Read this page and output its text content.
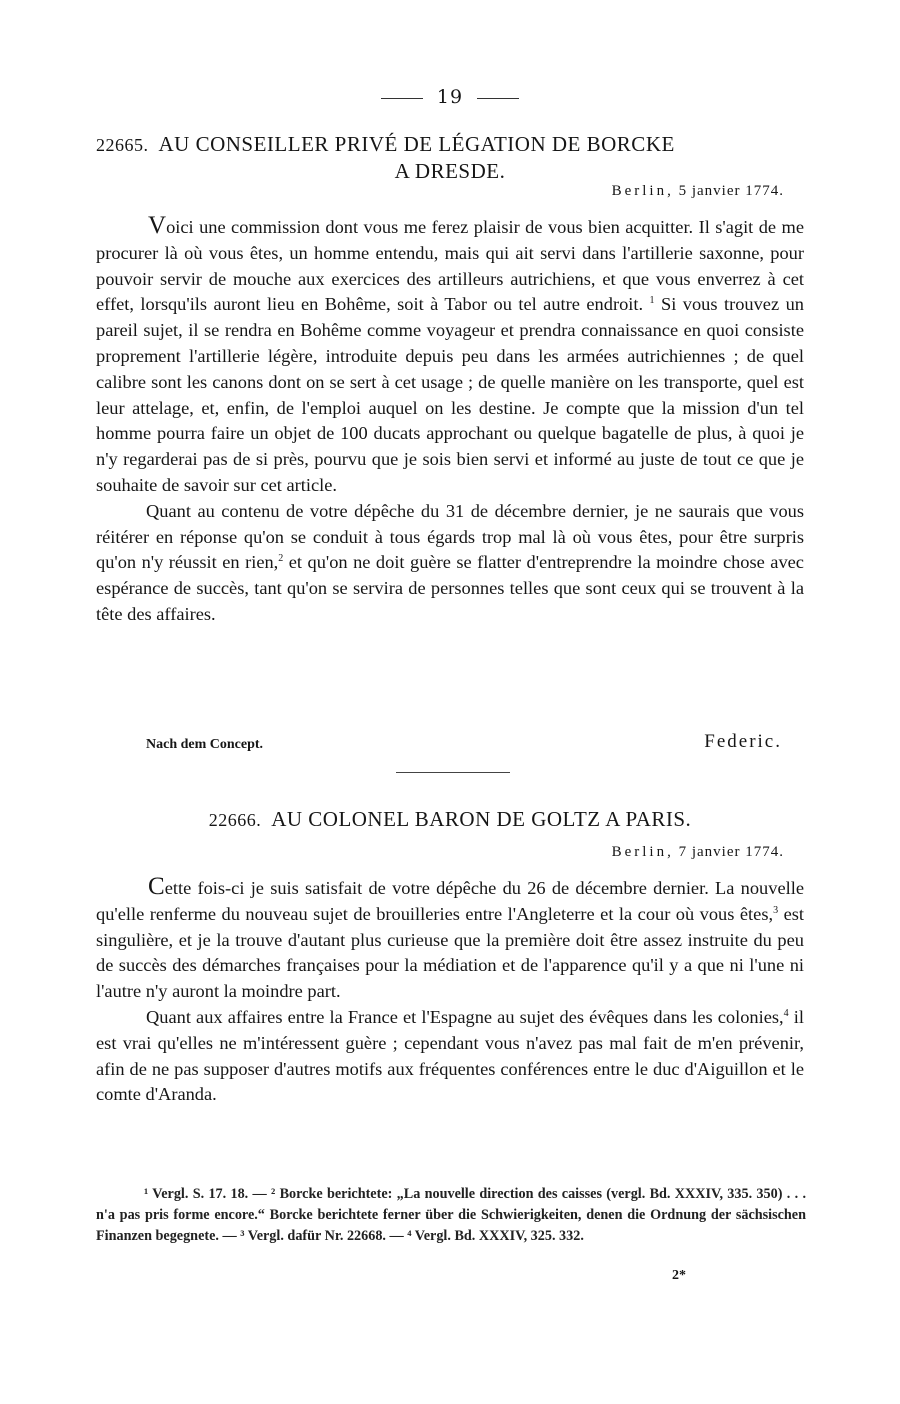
19
22665. AU CONSEILLER PRIVÉ DE LÉGATION DE BORCKE
A DRESDE.
Berlin, 5 janvier 1774.

Voici une commission dont vous me ferez plaisir de vous bien acquitter. Il s'agit de me procurer là où vous êtes, un homme entendu, mais qui ait servi dans l'artillerie saxonne, pour pouvoir servir de mouche aux exercices des artilleurs autrichiens, et que vous enverrez à cet effet, lorsqu'ils auront lieu en Bohême, soit à Tabor ou tel autre endroit. $^1$ Si vous trouvez un pareil sujet, il se rendra en Bohême comme voyageur et prendra connaissance en quoi consiste proprement l'artillerie légère, introduite depuis peu dans les armées autrichiennes ; de quel calibre sont les canons dont on se sert à cet usage ; de quelle manière on les transporte, quel est leur attelage, et, enfin, de l'emploi auquel on les destine. Je compte que la mission d'un tel homme pourra faire un objet de 100 ducats approchant ou quelque bagatelle de plus, à quoi je n'y regarderai pas de si près, pourvu que je sois bien servi et informé au juste de tout ce que je souhaite de savoir sur cet article.

Quant au contenu de votre dépêche du 31 de décembre dernier, je ne saurais que vous réitérer en réponse qu'on se conduit à tous égards trop mal là où vous êtes, pour être surpris qu'on n'y réussit en rien,$^2$ et qu'on ne doit guère se flatter d'entreprendre la moindre chose avec espérance de succès, tant qu'on se servira de personnes telles que sont ceux qui se trouvent à la tête des affaires.

Nach dem Concept.	Federic.
22666. AU COLONEL BARON DE GOLTZ A PARIS.
Berlin, 7 janvier 1774.

Cette fois-ci je suis satisfait de votre dépêche du 26 de décembre dernier. La nouvelle qu'elle renferme du nouveau sujet de brouilleries entre l'Angleterre et la cour où vous êtes,$^3$ est singulière, et je la trouve d'autant plus curieuse que la première doit être assez instruite du peu de succès des démarches françaises pour la médiation et de l'apparence qu'il y a que ni l'une ni l'autre n'y auront la moindre part.

Quant aux affaires entre la France et l'Espagne au sujet des évêques dans les colonies,$^4$ il est vrai qu'elles ne m'intéressent guère ; cependant vous n'avez pas mal fait de m'en prévenir, afin de ne pas supposer d'autres motifs aux fréquentes conférences entre le duc d'Aiguillon et le comte d'Aranda.

¹ Vergl. S. 17. 18. — ² Borcke berichtete: „La nouvelle direction des caisses (vergl. Bd. XXXIV, 335. 350) . . . n'a pas pris forme encore.“ Borcke berichtete ferner über die Schwierigkeiten, denen die Ordnung der sächsischen Finanzen begegnete. — ³ Vergl. dafür Nr. 22668. — ⁴ Vergl. Bd. XXXIV, 325. 332.

2*
